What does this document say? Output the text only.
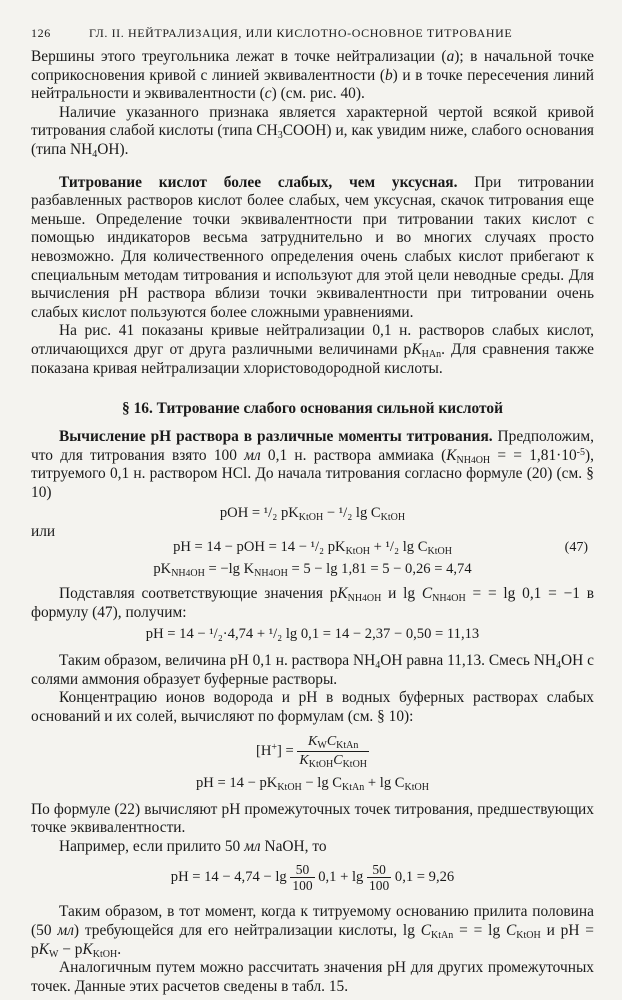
126	ГЛ. II. НЕЙТРАЛИЗАЦИЯ, ИЛИ КИСЛОТНО-ОСНОВНОЕ ТИТРОВАНИЕ

Вершины этого треугольника лежат в точке нейтрализации (a); в начальной точке соприкосновения кривой с линией эквивалентности (b) и в точке пересечения линий нейтральности и эквивалентности (c) (см. рис. 40).

Наличие указанного признака является характерной чертой всякой кривой титрования слабой кислоты (типа $CH_3COOH$) и, как увидим ниже, слабого основания (типа $NH_4OH$).

Титрование кислот более слабых, чем уксусная. При титровании разбавленных растворов кислот более слабых, чем уксусная, скачок титрования еще меньше. Определение точки эквивалентности при титровании таких кислот с помощью индикаторов весьма затруднительно и во многих случаях просто невозможно. Для количественного определения очень слабых кислот прибегают к специальным методам титрования и используют для этой цели неводные среды. Для вычисления pH раствора вблизи точки эквивалентности при титровании очень слабых кислот пользуются более сложными уравнениями.

На рис. 41 показаны кривые нейтрализации 0,1 н. растворов слабых кислот, отличающихся друг от друга различными величинами $pK_{HAn}$. Для сравнения также показана кривая нейтрализации хлористоводородной кислоты.

§ 16. Титрование слабого основания сильной кислотой

Вычисление pH раствора в различные моменты титрования. Предположим, что для титрования взято 100 мл 0,1 н. раствора аммиака ($K_{NH4OH}$ = = $1,81\cdot 10^{-5}$), титруемого 0,1 н. раствором HCl. До начала титрования согласно формуле (20) (см. § 10)

pOH = ¹/₂ $pK_{KtOH} - ^1/_2$ $\lg C_{KtOH}$

или

pH = 14 − pOH = 14 − ¹/₂ $pK_{KtOH} + ^1/_2$ $\lg C_{KtOH}$	(47)
$pK_{NH4OH} = -\lg$ $K_{NH4OH} = 5 - \lg 1,81 = 5 - 0,26 = 4,74$

Подставляя соответствующие значения $pK_{NH4OH}$ и $\lg C_{NH4OH}$ = = lg 0,1 = −1 в формулу (47), получим:

pH = 14 − ¹/₂·4,74 + ¹/₂ lg 0,1 = 14 − 2,37 − 0,50 = 11,13

Таким образом, величина pH 0,1 н. раствора $NH_4OH$ равна 11,13. Смесь $NH_4OH$ с солями аммония образует буферные растворы.

Концентрацию ионов водорода и pH в водных буферных растворах слабых оснований и их солей, вычисляют по формулам (см. § 10):

$[H^+] = \frac{K_WC_{KtAn}}{K_{KtOH}C_{KtOH}}$
pH = $14 - pK_{KtOH} - \lg C_{KtAn} + \lg C_{KtOH}$

По формуле (22) вычисляют pH промежуточных точек титрования, предшествующих точке эквивалентности.

Например, если прилито 50 мл NaOH, то

pH = $14 - 4,74 - \lg \frac{50}{100} 0,1 + \lg \frac{50}{100} 0,1 = 9,26$

Таким образом, в тот момент, когда к титруемому основанию прилита половина (50 мл) требующейся для его нейтрализации кислоты, $\lg C_{KtAn}$ = = $\lg C_{KtOH}$ и pH = $pK_W - pK_{KtOH}$.

Аналогичным путем можно рассчитать значения pH для других промежуточных точек. Данные этих расчетов сведены в табл. 15.
